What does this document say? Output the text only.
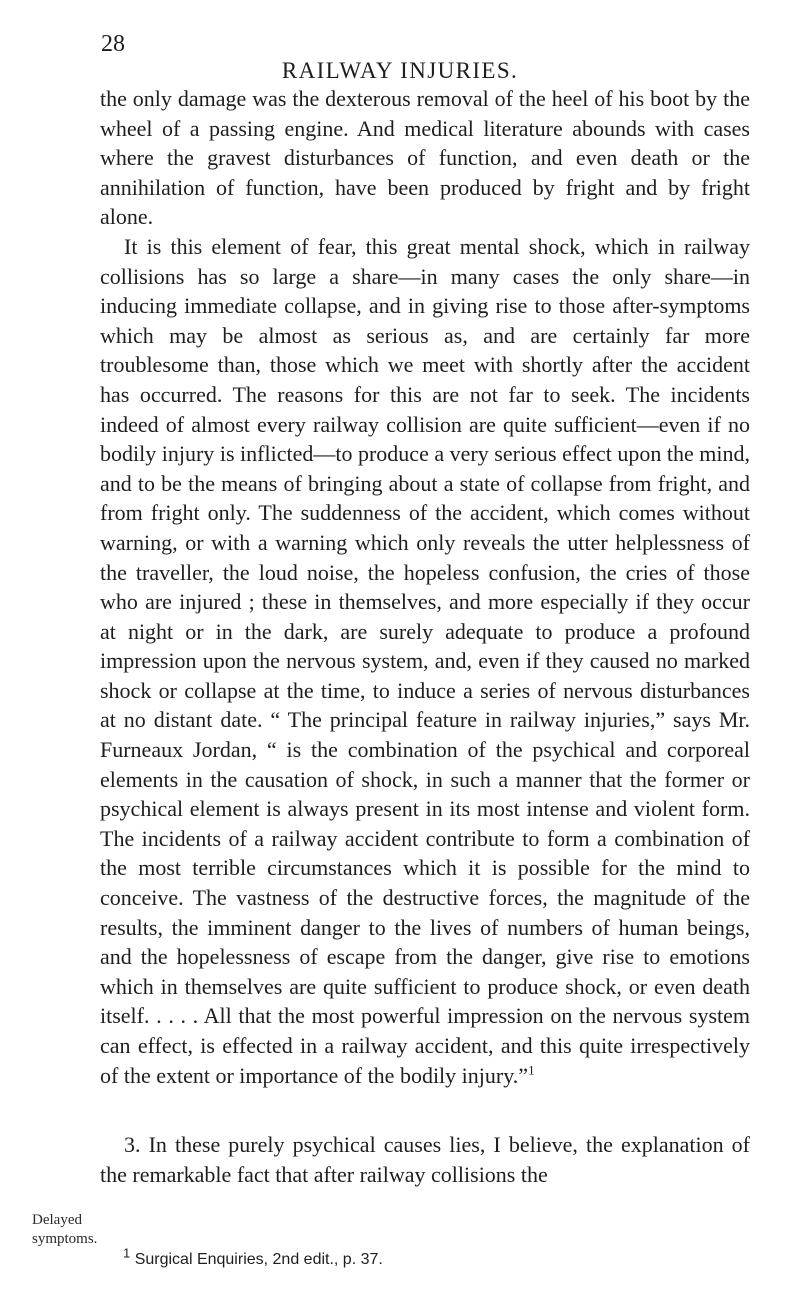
28
RAILWAY INJURIES.

the only damage was the dexterous removal of the heel of his boot by the wheel of a passing engine. And medical literature abounds with cases where the gravest disturbances of function, and even death or the annihilation of function, have been produced by fright and by fright alone.

It is this element of fear, this great mental shock, which in railway collisions has so large a share—in many cases the only share—in inducing immediate collapse, and in giving rise to those after-symptoms which may be almost as serious as, and are certainly far more troublesome than, those which we meet with shortly after the accident has occurred. The reasons for this are not far to seek. The incidents indeed of almost every railway collision are quite sufficient—even if no bodily injury is inflicted—to produce a very serious effect upon the mind, and to be the means of bringing about a state of collapse from fright, and from fright only. The suddenness of the accident, which comes without warning, or with a warning which only reveals the utter helplessness of the traveller, the loud noise, the hopeless confusion, the cries of those who are injured ; these in themselves, and more especially if they occur at night or in the dark, are surely adequate to produce a profound impression upon the nervous system, and, even if they caused no marked shock or collapse at the time, to induce a series of nervous disturbances at no distant date. “ The principal feature in railway injuries,” says Mr. Furneaux Jordan, “ is the combination of the psychical and corporeal elements in the causation of shock, in such a manner that the former or psychical element is always present in its most intense and violent form. The incidents of a railway accident contribute to form a combination of the most terrible circumstances which it is possible for the mind to conceive. The vastness of the destructive forces, the magnitude of the results, the imminent danger to the lives of numbers of human beings, and the hopelessness of escape from the danger, give rise to emotions which in themselves are quite sufficient to produce shock, or even death itself. . . . . All that the most powerful impression on the nervous system can effect, is effected in a railway accident, and this quite irrespectively of the extent or importance of the bodily injury.”$^1$

3. In these purely psychical causes lies, I believe, the explanation of the remarkable fact that after railway collisions the

Delayed
symptoms.
$^1$ Surgical Enquiries, 2nd edit., p. 37.
